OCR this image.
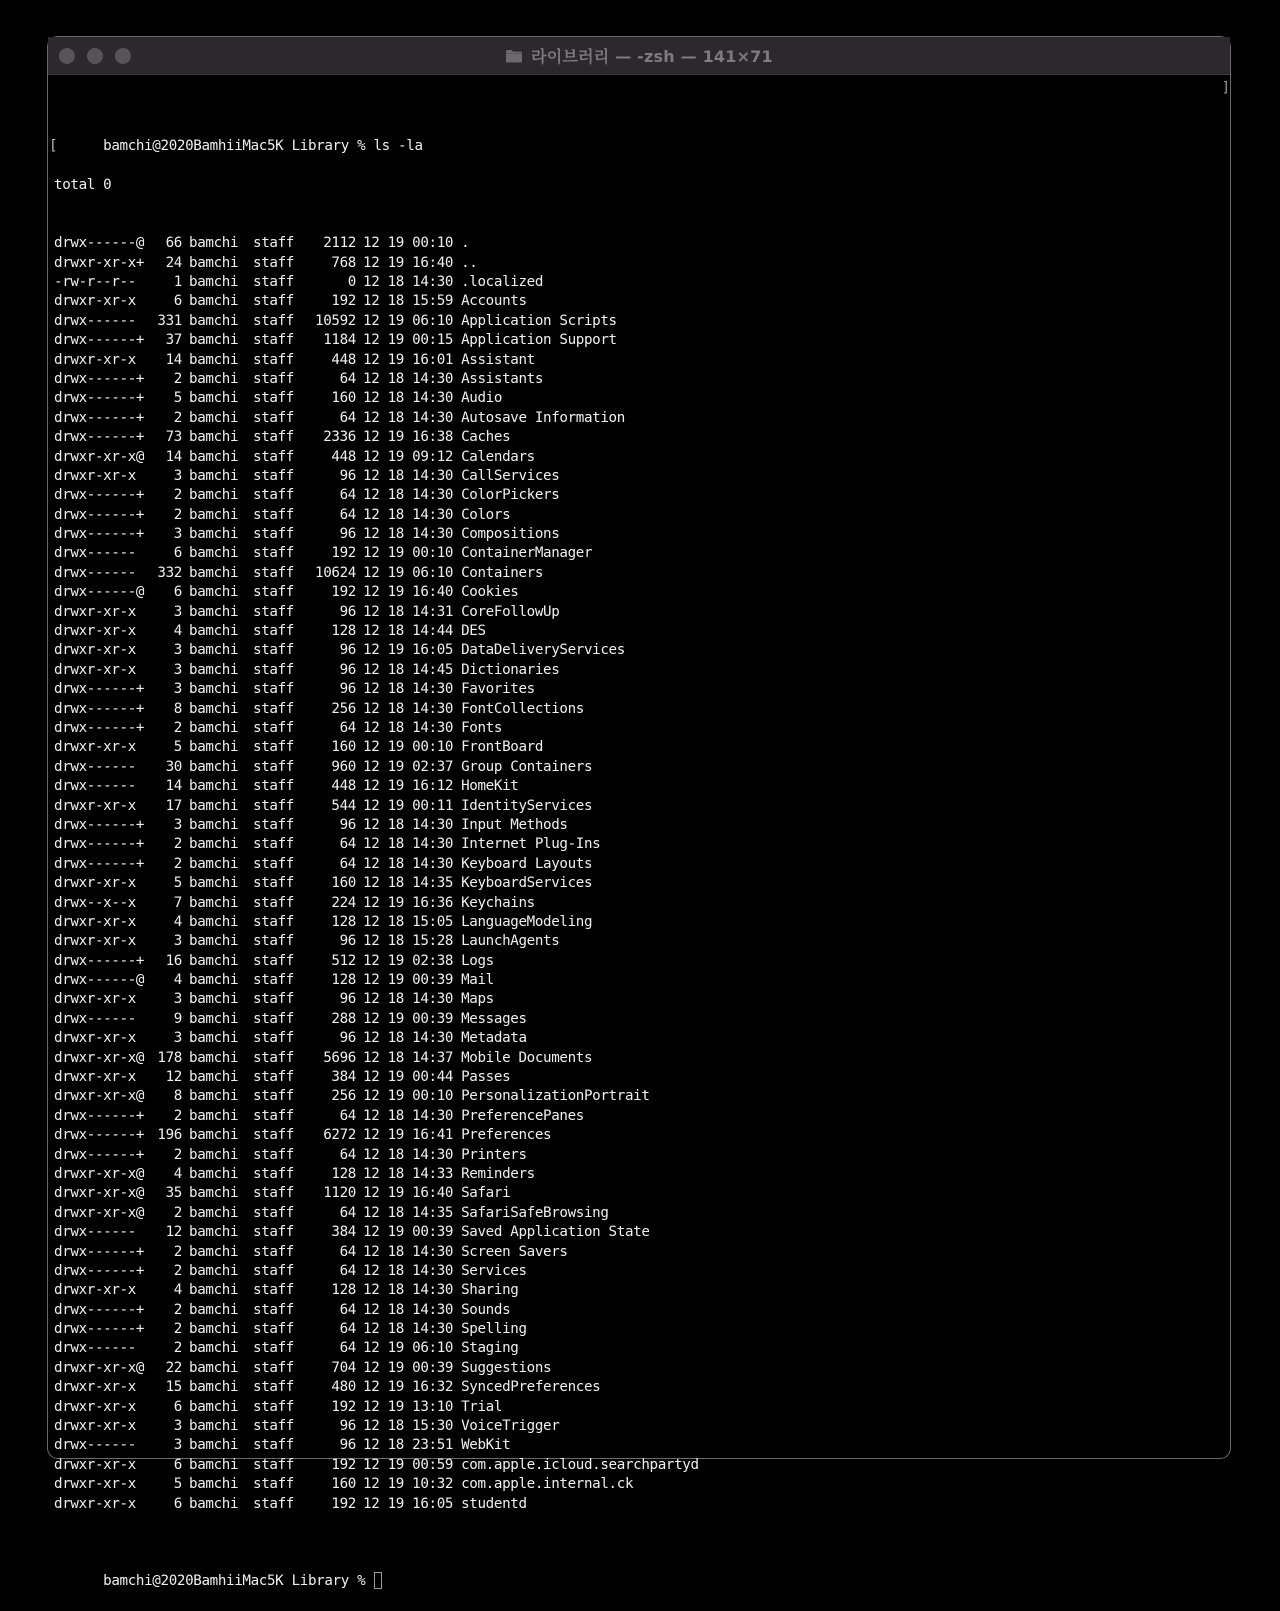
라이브러리 — -zsh — 141×71
]

[	bamchi@2020BamhiiMac5K Library % ls -la

total 0

drwx------@ 66 bamchi staff 2112 12 19 00:10 .
drwxr-xr-x+ 24 bamchi staff	768 12 19 16:40 ..
-rw-r--r--	1 bamchi staff	0 12 18 14:30 .localized
drwxr-xr-x	6 bamchi staff	192 12 18 15:59 Accounts
drwx------ 331 bamchi staff 10592 12 19 06:10 Application Scripts
drwx------+ 37 bamchi staff 1184 12 19 00:15 Application Support
drwxr-xr-x 14 bamchi staff	448 12 19 16:01 Assistant
drwx------+ 2 bamchi staff	64 12 18 14:30 Assistants
drwx------+ 5 bamchi staff	160 12 18 14:30 Audio
drwx------+ 2 bamchi staff	64 12 18 14:30 Autosave Information
drwx------+ 73 bamchi staff 2336 12 19 16:38 Caches
drwxr-xr-x@ 14 bamchi staff	448 12 19 09:12 Calendars
drwxr-xr-x	3 bamchi staff	96 12 18 14:30 CallServices
drwx------+ 2 bamchi staff	64 12 18 14:30 ColorPickers
drwx------+ 2 bamchi staff	64 12 18 14:30 Colors
drwx------+ 3 bamchi staff	96 12 18 14:30 Compositions
drwx------	6 bamchi staff	192 12 19 00:10 ContainerManager
drwx------ 332 bamchi staff 10624 12 19 06:10 Containers
drwx------@ 6 bamchi staff	192 12 19 16:40 Cookies
drwxr-xr-x	3 bamchi staff	96 12 18 14:31 CoreFollowUp
drwxr-xr-x	4 bamchi staff	128 12 18 14:44 DES
drwxr-xr-x	3 bamchi staff	96 12 19 16:05 DataDeliveryServices
drwxr-xr-x	3 bamchi staff	96 12 18 14:45 Dictionaries
drwx------+ 3 bamchi staff	96 12 18 14:30 Favorites
drwx------+ 8 bamchi staff	256 12 18 14:30 FontCollections
drwx------+ 2 bamchi staff	64 12 18 14:30 Fonts
drwxr-xr-x	5 bamchi staff	160 12 19 00:10 FrontBoard
drwx------ 30 bamchi staff	960 12 19 02:37 Group Containers
drwx------ 14 bamchi staff	448 12 19 16:12 HomeKit
drwxr-xr-x 17 bamchi staff	544 12 19 00:11 IdentityServices
drwx------+ 3 bamchi staff	96 12 18 14:30 Input Methods
drwx------+ 2 bamchi staff	64 12 18 14:30 Internet Plug-Ins
drwx------+ 2 bamchi staff	64 12 18 14:30 Keyboard Layouts
drwxr-xr-x	5 bamchi staff	160 12 18 14:35 KeyboardServices
drwx--x--x	7 bamchi staff	224 12 19 16:36 Keychains
drwxr-xr-x	4 bamchi staff	128 12 18 15:05 LanguageModeling
drwxr-xr-x	3 bamchi staff	96 12 18 15:28 LaunchAgents
drwx------+ 16 bamchi staff	512 12 19 02:38 Logs
drwx------@ 4 bamchi staff	128 12 19 00:39 Mail
drwxr-xr-x	3 bamchi staff	96 12 18 14:30 Maps
drwx------	9 bamchi staff	288 12 19 00:39 Messages
drwxr-xr-x	3 bamchi staff	96 12 18 14:30 Metadata
drwxr-xr-x@ 178 bamchi staff 5696 12 18 14:37 Mobile Documents
drwxr-xr-x 12 bamchi staff	384 12 19 00:44 Passes
drwxr-xr-x@ 8 bamchi staff	256 12 19 00:10 PersonalizationPortrait
drwx------+ 2 bamchi staff	64 12 18 14:30 PreferencePanes
drwx------+ 196 bamchi staff 6272 12 19 16:41 Preferences
drwx------+ 2 bamchi staff	64 12 18 14:30 Printers
drwxr-xr-x@ 4 bamchi staff	128 12 18 14:33 Reminders
drwxr-xr-x@ 35 bamchi staff 1120 12 19 16:40 Safari
drwxr-xr-x@ 2 bamchi staff	64 12 18 14:35 SafariSafeBrowsing
drwx------ 12 bamchi staff	384 12 19 00:39 Saved Application State
drwx------+ 2 bamchi staff	64 12 18 14:30 Screen Savers
drwx------+ 2 bamchi staff	64 12 18 14:30 Services
drwxr-xr-x	4 bamchi staff	128 12 18 14:30 Sharing
drwx------+ 2 bamchi staff	64 12 18 14:30 Sounds
drwx------+ 2 bamchi staff	64 12 18 14:30 Spelling
drwx------	2 bamchi staff	64 12 19 06:10 Staging
drwxr-xr-x@ 22 bamchi staff	704 12 19 00:39 Suggestions
drwxr-xr-x 15 bamchi staff	480 12 19 16:32 SyncedPreferences
drwxr-xr-x	6 bamchi staff	192 12 19 13:10 Trial
drwxr-xr-x	3 bamchi staff	96 12 18 15:30 VoiceTrigger
drwx------	3 bamchi staff	96 12 18 23:51 WebKit
drwxr-xr-x	6 bamchi staff	192 12 19 00:59 com.apple.icloud.searchpartyd
drwxr-xr-x	5 bamchi staff	160 12 19 10:32 com.apple.internal.ck
drwxr-xr-x	6 bamchi staff	192 12 19 16:05 studentd

bamchi@2020BamhiiMac5K Library %
